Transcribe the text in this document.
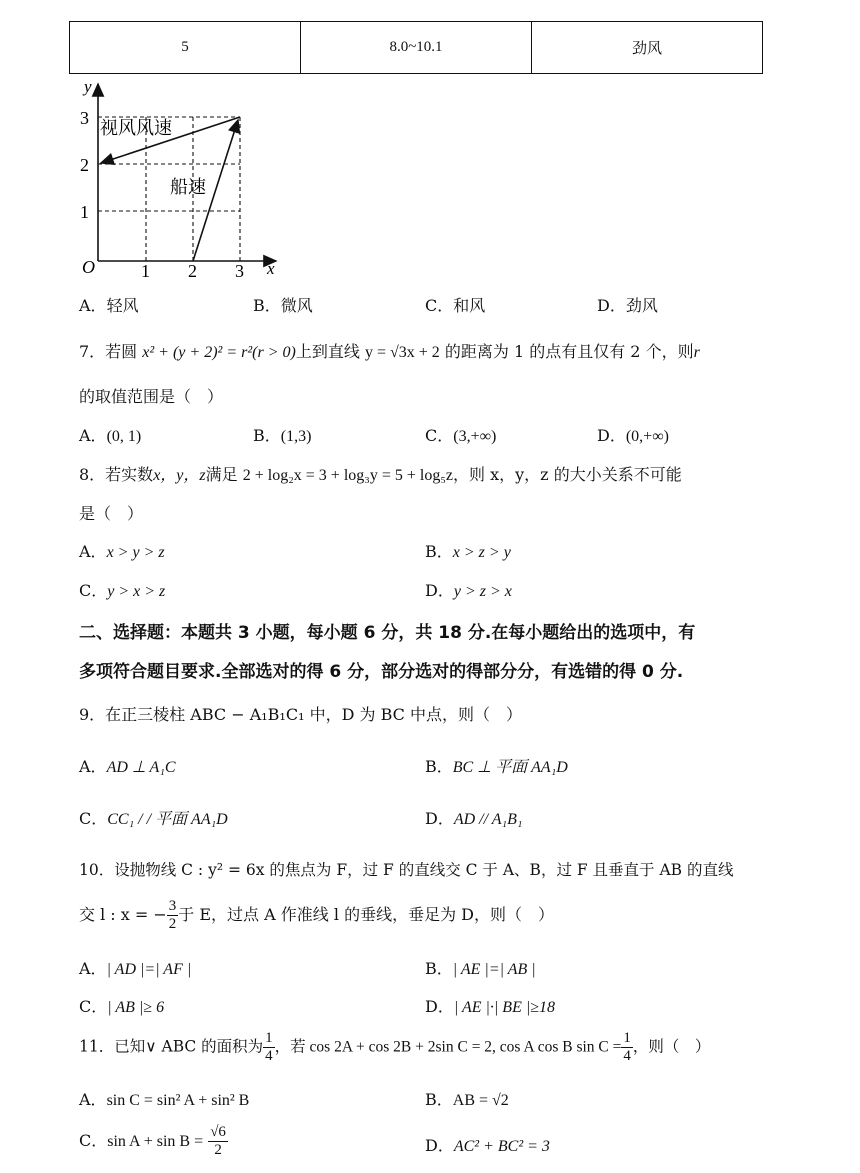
5	8.0~10.1	劲风
y
x
O	1 2 3
1
2
3 视风风速
船速
A．轻风	B．微风	C．和风	D．劲风
7．若圆 x² + (y + 2)² = r²(r > 0)上到直线 y = √3x + 2 的距离为 1 的点有且仅有 2 个，则r
的取值范围是（　）
A．(0, 1)	B．(1,3)	C．(3,+∞)	D．(0,+∞)
8．若实数x，y，z满足 2 + log₂x = 3 + log₃y = 5 + log₅z，则 x，y，z 的大小关系不可能
是（　）
A．x > y > z	B．x > z > y
C．y > x > z	D．y > z > x
二、选择题：本题共 3 小题，每小题 6 分，共 18 分.在每小题给出的选项中，有
多项符合题目要求.全部选对的得 6 分，部分选对的得部分分，有选错的得 0 分.
9．在正三棱柱 ABC − A₁B₁C₁ 中，D 为 BC 中点，则（　）
A．AD ⊥ A₁C	B．BC ⊥ 平面 AA₁D
C．CC₁ / / 平面 AA₁D	D．AD // A₁B₁
10．设抛物线 C : y² = 6x 的焦点为 F，过 F 的直线交 C 于 A、B，过 F 且垂直于 AB 的直线
交 l : x = − $\frac{3}{2}$ 于 E，过点 A 作准线 l 的垂线，垂足为 D，则（　）
A．| AD |=| AF |	B．| AE |=| AB |
C．| AB |≥ 6	D．| AE |·| BE |≥18
11．已知∨ ABC 的面积为 $\frac{1}{4}$ ，若 cos 2A + cos 2B + 2sin C = 2, cos A cos B $\sin C = \frac{1}{4}$ ，则（　）
A．sin C = sin² A + sin² B	B．AB = √2
C．$\sin A + \sin B = \frac{√6}{2}$	D．AC² + BC² = 3
